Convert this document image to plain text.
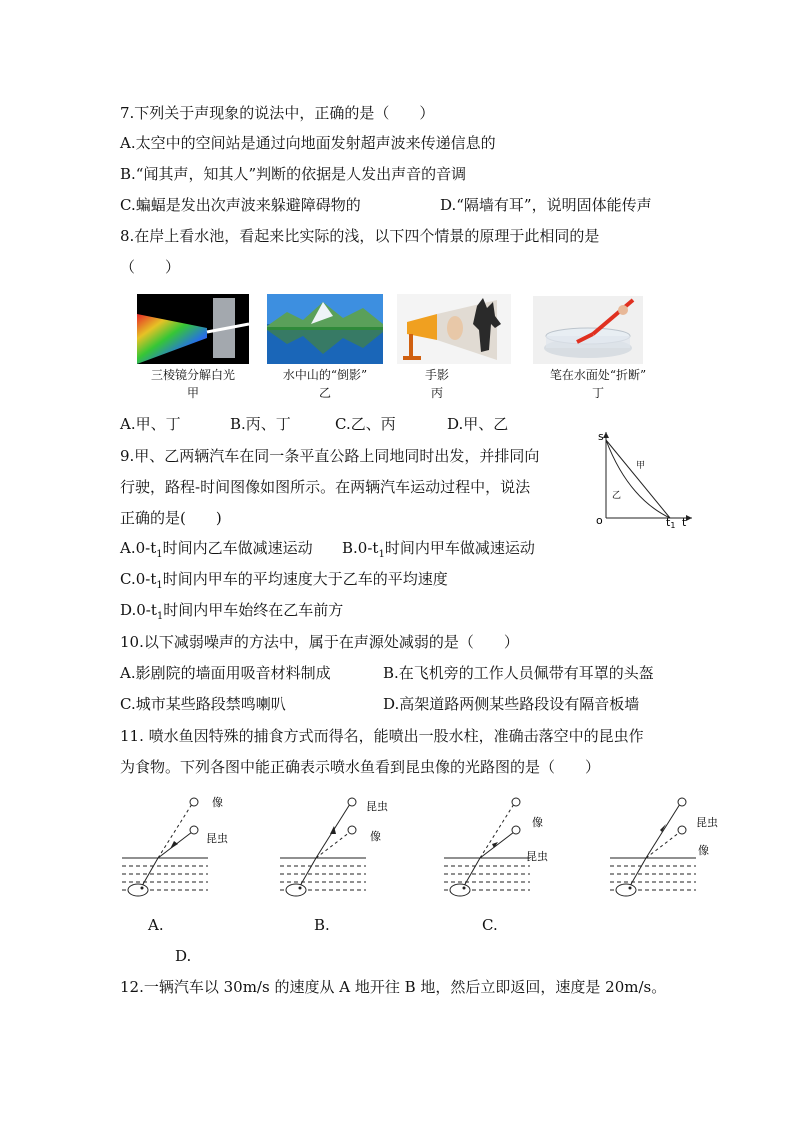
7.下列关于声现象的说法中，正确的是（　　）
A.太空中的空间站是通过向地面发射超声波来传递信息的
B.“闻其声，知其人”判断的依据是人发出声音的音调
C.蝙蝠是发出次声波来躲避障碍物的	D.“隔墙有耳”，说明固体能传声
8.在岸上看水池，看起来比实际的浅，以下四个情景的原理于此相同的是
（　　）
三棱镜分解白光
甲
水中山的“倒影”
乙
手影
丙
笔在水面处“折断”
丁
A.甲、丁	B.丙、丁	C.乙、丙	D.甲、乙
9.甲、乙两辆汽车在同一条平直公路上同地同时出发，并排同向
行驶，路程-时间图像如图所示。在两辆汽车运动过程中，说法
正确的是(　　)
s
o	t
t1
甲
乙
$A.0-t_1$时间内乙车做减速运动 $B.0-t_1$时间内甲车做减速运动
$C.0-t_1$时间内甲车的平均速度大于乙车的平均速度
$D.0-t_1$时间内甲车始终在乙车前方
10.以下减弱噪声的方法中，属于在声源处减弱的是（　　）
A.影剧院的墙面用吸音材料制成	B.在飞机旁的工作人员佩带有耳罩的头盔
C.城市某些路段禁鸣喇叭	D.高架道路两侧某些路段设有隔音板墙
11. 喷水鱼因特殊的捕食方式而得名，能喷出一股水柱，准确击落空中的昆虫作
为食物。下列各图中能正确表示喷水鱼看到昆虫像的光路图的是（　　）
像
昆虫
A.
昆虫
像
B.
像
昆虫
C.
昆虫
像
D.
12.一辆汽车以 30m/s 的速度从 A 地开往 B 地，然后立即返回，速度是 20m/s。
